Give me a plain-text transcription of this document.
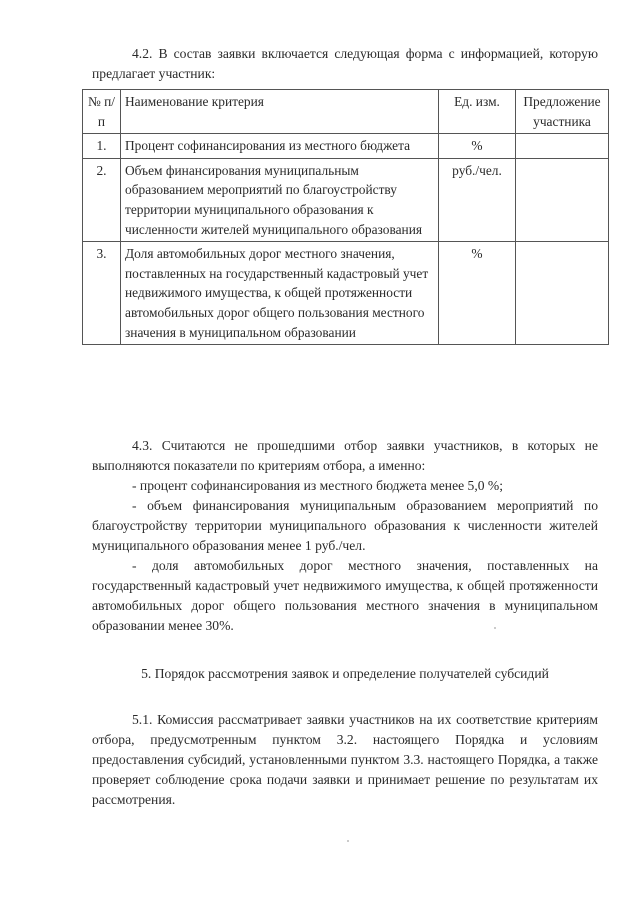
4.2. В состав заявки включается следующая форма с информацией, которую предлагает участник:

№ п/п	Наименование критерия	Ед. изм.	Предложение участника
1.	Процент софинансирования из местного бюджета	%	
2.	Объем финансирования муниципальным образованием мероприятий по благоустройству территории муниципального образования к численности жителей муниципального образования	руб./чел.	
3.	Доля автомобильных дорог местного значения, поставленных на государственный кадастровый учет недвижимого имущества, к общей протяженности автомобильных дорог общего пользования местного значения в муниципальном образовании	%	

4.3. Считаются не прошедшими отбор заявки участников, в которых не выполняются показатели по критериям отбора, а именно:

- процент софинансирования из местного бюджета менее 5,0 %;

- объем финансирования муниципальным образованием мероприятий по благоустройству территории муниципального образования к численности жителей муниципального образования менее 1 руб./чел.

- доля автомобильных дорог местного значения, поставленных на государственный кадастровый учет недвижимого имущества, к общей протяженности автомобильных дорог общего пользования местного значения в муниципальном образовании менее 30%.

5. Порядок рассмотрения заявок и определение получателей субсидий

5.1. Комиссия рассматривает заявки участников на их соответствие критериям отбора, предусмотренным пунктом 3.2. настоящего Порядка и условиям предоставления субсидий, установленными пунктом 3.3. настоящего Порядка, а также проверяет соблюдение срока подачи заявки и принимает решение по результатам их рассмотрения.
